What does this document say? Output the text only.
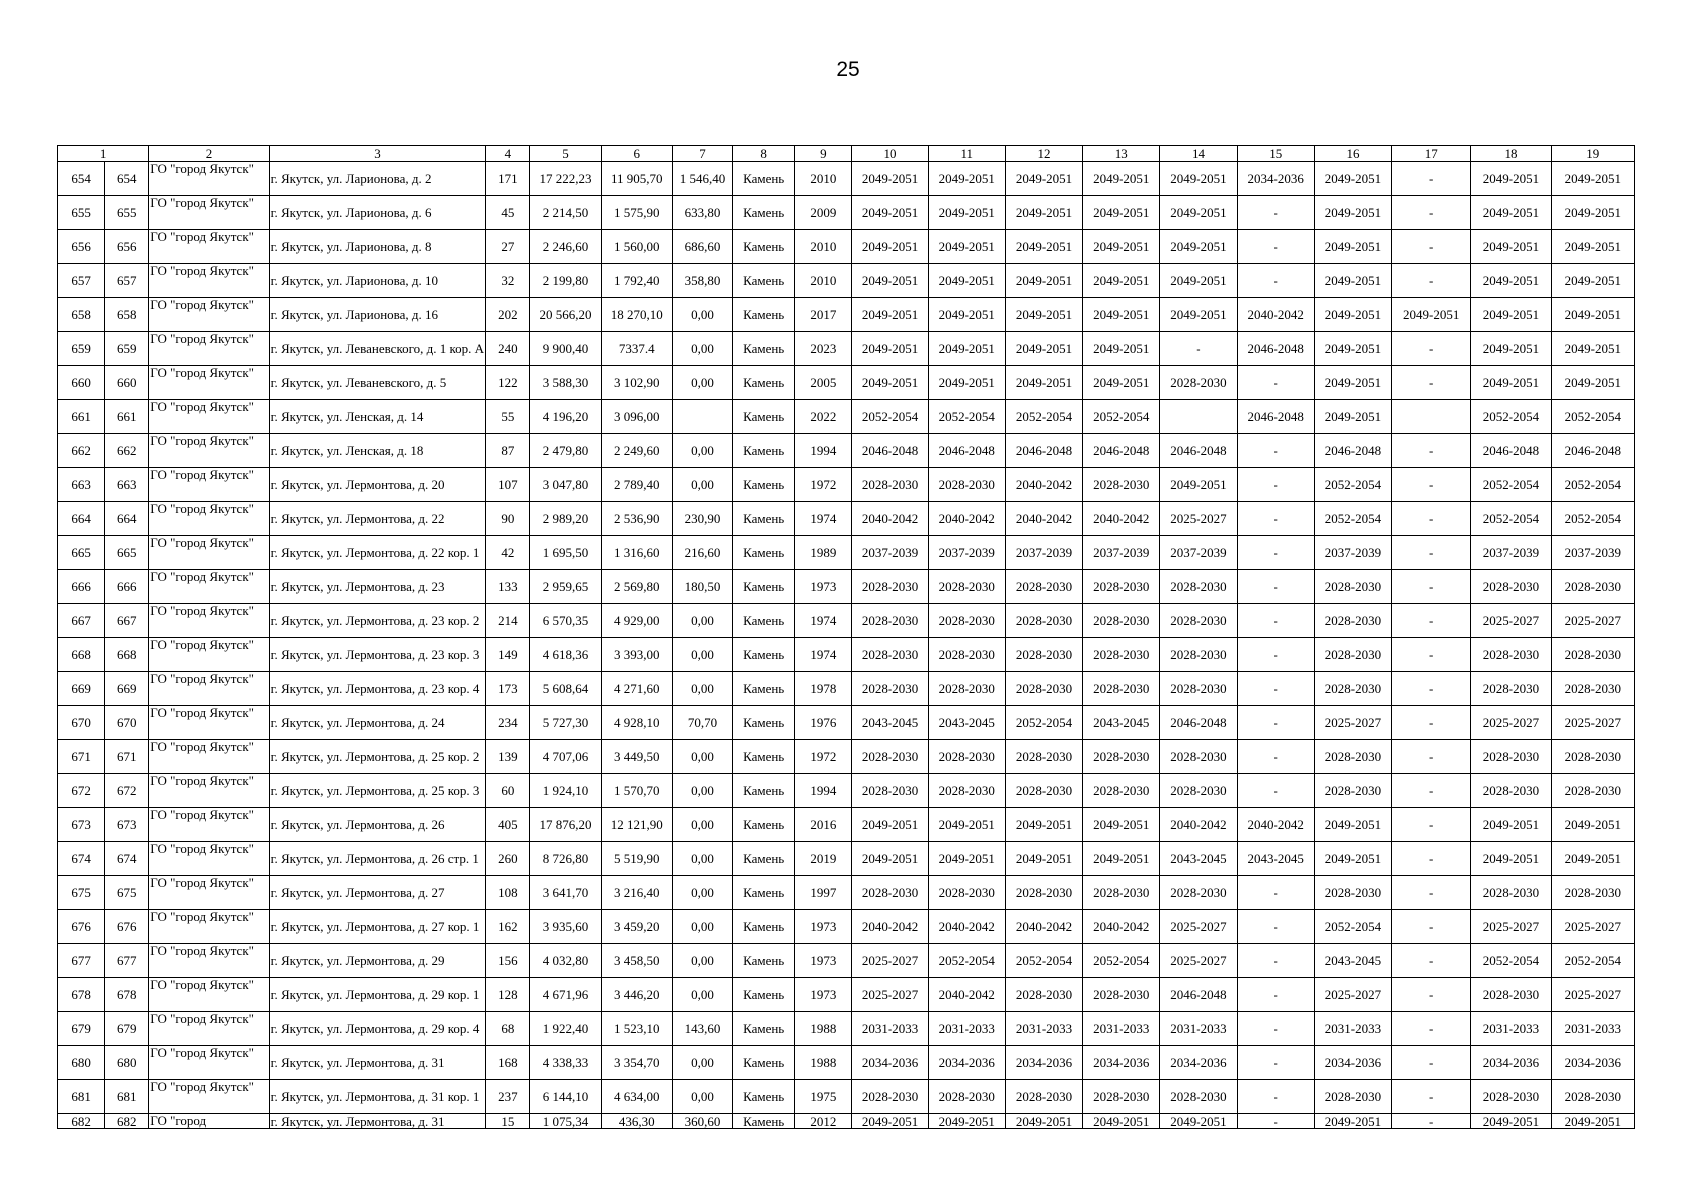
25
1		2	3	4	5	6	7	8	9	10	11	12	13	14	15	16	17	18	19
654	654	ГО "город Якутск"	г. Якутск, ул. Ларионова, д. 2	171	17 222,23	11 905,70	1 546,40	Камень	2010	2049-2051	2049-2051	2049-2051	2049-2051	2049-2051	2034-2036	2049-2051	-	2049-2051	2049-2051
655	655	ГО "город Якутск"	г. Якутск, ул. Ларионова, д. 6	45	2 214,50	1 575,90	633,80	Камень	2009	2049-2051	2049-2051	2049-2051	2049-2051	2049-2051	-	2049-2051	-	2049-2051	2049-2051
656	656	ГО "город Якутск"	г. Якутск, ул. Ларионова, д. 8	27	2 246,60	1 560,00	686,60	Камень	2010	2049-2051	2049-2051	2049-2051	2049-2051	2049-2051	-	2049-2051	-	2049-2051	2049-2051
657	657	ГО "город Якутск"	г. Якутск, ул. Ларионова, д. 10	32	2 199,80	1 792,40	358,80	Камень	2010	2049-2051	2049-2051	2049-2051	2049-2051	2049-2051	-	2049-2051	-	2049-2051	2049-2051
658	658	ГО "город Якутск"	г. Якутск, ул. Ларионова, д. 16	202	20 566,20	18 270,10	0,00	Камень	2017	2049-2051	2049-2051	2049-2051	2049-2051	2049-2051	2040-2042	2049-2051	2049-2051	2049-2051	2049-2051
659	659	ГО "город Якутск"	г. Якутск, ул. Леваневского, д. 1 кор. А	240	9 900,40	7337.4	0,00	Камень	2023	2049-2051	2049-2051	2049-2051	2049-2051	-	2046-2048	2049-2051	-	2049-2051	2049-2051
660	660	ГО "город Якутск"	г. Якутск, ул. Леваневского, д. 5	122	3 588,30	3 102,90	0,00	Камень	2005	2049-2051	2049-2051	2049-2051	2049-2051	2028-2030	-	2049-2051	-	2049-2051	2049-2051
661	661	ГО "город Якутск"	г. Якутск, ул. Ленская, д. 14	55	4 196,20	3 096,00		Камень	2022	2052-2054	2052-2054	2052-2054	2052-2054		2046-2048	2049-2051		2052-2054	2052-2054
662	662	ГО "город Якутск"	г. Якутск, ул. Ленская, д. 18	87	2 479,80	2 249,60	0,00	Камень	1994	2046-2048	2046-2048	2046-2048	2046-2048	2046-2048	-	2046-2048	-	2046-2048	2046-2048
663	663	ГО "город Якутск"	г. Якутск, ул. Лермонтова, д. 20	107	3 047,80	2 789,40	0,00	Камень	1972	2028-2030	2028-2030	2040-2042	2028-2030	2049-2051	-	2052-2054	-	2052-2054	2052-2054
664	664	ГО "город Якутск"	г. Якутск, ул. Лермонтова, д. 22	90	2 989,20	2 536,90	230,90	Камень	1974	2040-2042	2040-2042	2040-2042	2040-2042	2025-2027	-	2052-2054	-	2052-2054	2052-2054
665	665	ГО "город Якутск"	г. Якутск, ул. Лермонтова, д. 22 кор. 1	42	1 695,50	1 316,60	216,60	Камень	1989	2037-2039	2037-2039	2037-2039	2037-2039	2037-2039	-	2037-2039	-	2037-2039	2037-2039
666	666	ГО "город Якутск"	г. Якутск, ул. Лермонтова, д. 23	133	2 959,65	2 569,80	180,50	Камень	1973	2028-2030	2028-2030	2028-2030	2028-2030	2028-2030	-	2028-2030	-	2028-2030	2028-2030
667	667	ГО "город Якутск"	г. Якутск, ул. Лермонтова, д. 23 кор. 2	214	6 570,35	4 929,00	0,00	Камень	1974	2028-2030	2028-2030	2028-2030	2028-2030	2028-2030	-	2028-2030	-	2025-2027	2025-2027
668	668	ГО "город Якутск"	г. Якутск, ул. Лермонтова, д. 23 кор. 3	149	4 618,36	3 393,00	0,00	Камень	1974	2028-2030	2028-2030	2028-2030	2028-2030	2028-2030	-	2028-2030	-	2028-2030	2028-2030
669	669	ГО "город Якутск"	г. Якутск, ул. Лермонтова, д. 23 кор. 4	173	5 608,64	4 271,60	0,00	Камень	1978	2028-2030	2028-2030	2028-2030	2028-2030	2028-2030	-	2028-2030	-	2028-2030	2028-2030
670	670	ГО "город Якутск"	г. Якутск, ул. Лермонтова, д. 24	234	5 727,30	4 928,10	70,70	Камень	1976	2043-2045	2043-2045	2052-2054	2043-2045	2046-2048	-	2025-2027	-	2025-2027	2025-2027
671	671	ГО "город Якутск"	г. Якутск, ул. Лермонтова, д. 25 кор. 2	139	4 707,06	3 449,50	0,00	Камень	1972	2028-2030	2028-2030	2028-2030	2028-2030	2028-2030	-	2028-2030	-	2028-2030	2028-2030
672	672	ГО "город Якутск"	г. Якутск, ул. Лермонтова, д. 25 кор. 3	60	1 924,10	1 570,70	0,00	Камень	1994	2028-2030	2028-2030	2028-2030	2028-2030	2028-2030	-	2028-2030	-	2028-2030	2028-2030
673	673	ГО "город Якутск"	г. Якутск, ул. Лермонтова, д. 26	405	17 876,20	12 121,90	0,00	Камень	2016	2049-2051	2049-2051	2049-2051	2049-2051	2040-2042	2040-2042	2049-2051	-	2049-2051	2049-2051
674	674	ГО "город Якутск"	г. Якутск, ул. Лермонтова, д. 26 стр. 1	260	8 726,80	5 519,90	0,00	Камень	2019	2049-2051	2049-2051	2049-2051	2049-2051	2043-2045	2043-2045	2049-2051	-	2049-2051	2049-2051
675	675	ГО "город Якутск"	г. Якутск, ул. Лермонтова, д. 27	108	3 641,70	3 216,40	0,00	Камень	1997	2028-2030	2028-2030	2028-2030	2028-2030	2028-2030	-	2028-2030	-	2028-2030	2028-2030
676	676	ГО "город Якутск"	г. Якутск, ул. Лермонтова, д. 27 кор. 1	162	3 935,60	3 459,20	0,00	Камень	1973	2040-2042	2040-2042	2040-2042	2040-2042	2025-2027	-	2052-2054	-	2025-2027	2025-2027
677	677	ГО "город Якутск"	г. Якутск, ул. Лермонтова, д. 29	156	4 032,80	3 458,50	0,00	Камень	1973	2025-2027	2052-2054	2052-2054	2052-2054	2025-2027	-	2043-2045	-	2052-2054	2052-2054
678	678	ГО "город Якутск"	г. Якутск, ул. Лермонтова, д. 29 кор. 1	128	4 671,96	3 446,20	0,00	Камень	1973	2025-2027	2040-2042	2028-2030	2028-2030	2046-2048	-	2025-2027	-	2028-2030	2025-2027
679	679	ГО "город Якутск"	г. Якутск, ул. Лермонтова, д. 29 кор. 4	68	1 922,40	1 523,10	143,60	Камень	1988	2031-2033	2031-2033	2031-2033	2031-2033	2031-2033	-	2031-2033	-	2031-2033	2031-2033
680	680	ГО "город Якутск"	г. Якутск, ул. Лермонтова, д. 31	168	4 338,33	3 354,70	0,00	Камень	1988	2034-2036	2034-2036	2034-2036	2034-2036	2034-2036	-	2034-2036	-	2034-2036	2034-2036
681	681	ГО "город Якутск"	г. Якутск, ул. Лермонтова, д. 31 кор. 1	237	6 144,10	4 634,00	0,00	Камень	1975	2028-2030	2028-2030	2028-2030	2028-2030	2028-2030	-	2028-2030	-	2028-2030	2028-2030
682	682	ГО "город	г. Якутск, ул. Лермонтова, д. 31	15	1 075,34	436,30	360,60	Камень	2012	2049-2051	2049-2051	2049-2051	2049-2051	2049-2051	-	2049-2051	-	2049-2051	2049-2051
